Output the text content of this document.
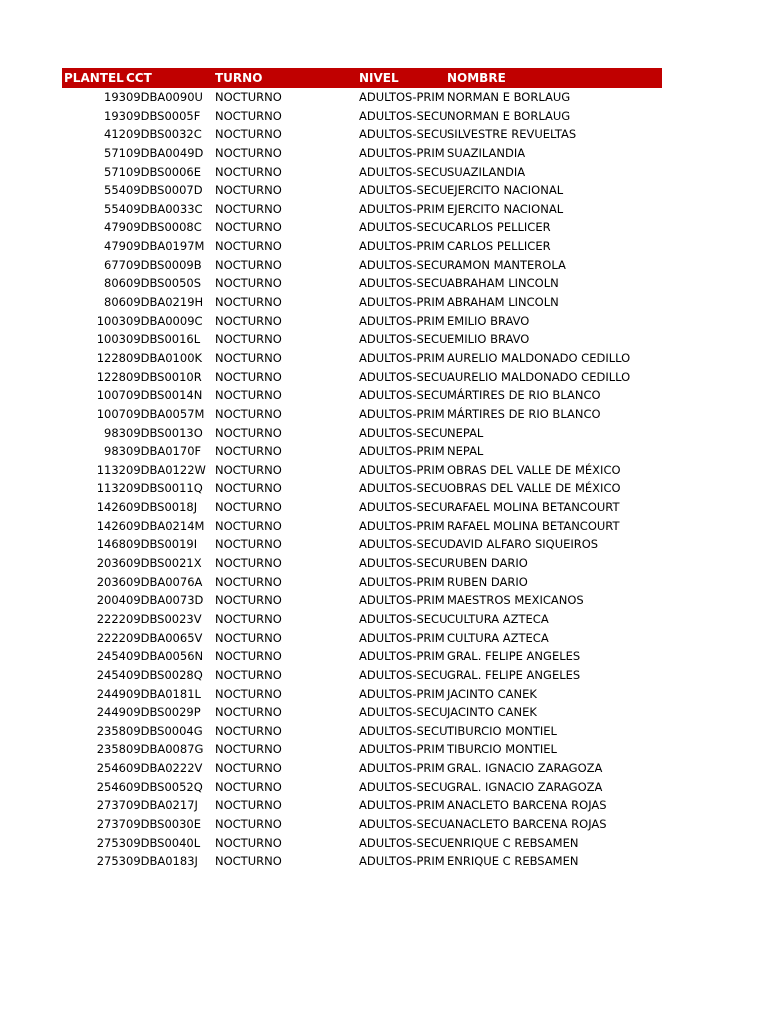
PLANTEL CCT	TURNO	NIVEL	NOMBRE
193 09DBA0090U NOCTURNO	ADULTOS-PRIM NORMAN E BORLAUG
193 09DBS0005F NOCTURNO	ADULTOS-SECU NORMAN E BORLAUG
412 09DBS0032C NOCTURNO	ADULTOS-SECU SILVESTRE REVUELTAS
571 09DBA0049D NOCTURNO	ADULTOS-PRIM SUAZILANDIA
571 09DBS0006E NOCTURNO	ADULTOS-SECU SUAZILANDIA
554 09DBS0007D NOCTURNO	ADULTOS-SECU EJERCITO NACIONAL
554 09DBA0033C NOCTURNO	ADULTOS-PRIM EJERCITO NACIONAL
479 09DBS0008C NOCTURNO	ADULTOS-SECU CARLOS PELLICER
479 09DBA0197M NOCTURNO	ADULTOS-PRIM CARLOS PELLICER
677 09DBS0009B NOCTURNO	ADULTOS-SECU RAMON MANTEROLA
806 09DBS0050S NOCTURNO	ADULTOS-SECU ABRAHAM LINCOLN
806 09DBA0219H NOCTURNO	ADULTOS-PRIM ABRAHAM LINCOLN
1003 09DBA0009C NOCTURNO	ADULTOS-PRIM EMILIO BRAVO
1003 09DBS0016L NOCTURNO	ADULTOS-SECU EMILIO BRAVO
1228 09DBA0100K NOCTURNO	ADULTOS-PRIM AURELIO MALDONADO CEDILLO
1228 09DBS0010R NOCTURNO	ADULTOS-SECU AURELIO MALDONADO CEDILLO
1007 09DBS0014N NOCTURNO	ADULTOS-SECU MÁRTIRES DE RIO BLANCO
1007 09DBA0057M NOCTURNO	ADULTOS-PRIM MÁRTIRES DE RIO BLANCO
983 09DBS0013O NOCTURNO	ADULTOS-SECU NEPAL
983 09DBA0170F NOCTURNO	ADULTOS-PRIM NEPAL
1132 09DBA0122W NOCTURNO	ADULTOS-PRIM OBRAS DEL VALLE DE MÉXICO
1132 09DBS0011Q NOCTURNO	ADULTOS-SECU OBRAS DEL VALLE DE MÉXICO
1426 09DBS0018J NOCTURNO	ADULTOS-SECU RAFAEL MOLINA BETANCOURT
1426 09DBA0214M NOCTURNO	ADULTOS-PRIM RAFAEL MOLINA BETANCOURT
1468 09DBS0019I NOCTURNO	ADULTOS-SECU DAVID ALFARO SIQUEIROS
2036 09DBS0021X NOCTURNO	ADULTOS-SECU RUBEN DARIO
2036 09DBA0076A NOCTURNO	ADULTOS-PRIM RUBEN DARIO
2004 09DBA0073D NOCTURNO	ADULTOS-PRIM MAESTROS MEXICANOS
2222 09DBS0023V NOCTURNO	ADULTOS-SECU CULTURA AZTECA
2222 09DBA0065V NOCTURNO	ADULTOS-PRIM CULTURA AZTECA
2454 09DBA0056N NOCTURNO	ADULTOS-PRIM GRAL. FELIPE ANGELES
2454 09DBS0028Q NOCTURNO	ADULTOS-SECU GRAL. FELIPE ANGELES
2449 09DBA0181L NOCTURNO	ADULTOS-PRIM JACINTO CANEK
2449 09DBS0029P NOCTURNO	ADULTOS-SECU JACINTO CANEK
2358 09DBS0004G NOCTURNO	ADULTOS-SECU TIBURCIO MONTIEL
2358 09DBA0087G NOCTURNO	ADULTOS-PRIM TIBURCIO MONTIEL
2546 09DBA0222V NOCTURNO	ADULTOS-PRIM GRAL. IGNACIO ZARAGOZA
2546 09DBS0052Q NOCTURNO	ADULTOS-SECU GRAL. IGNACIO ZARAGOZA
2737 09DBA0217J NOCTURNO	ADULTOS-PRIM ANACLETO BARCENA ROJAS
2737 09DBS0030E NOCTURNO	ADULTOS-SECU ANACLETO BARCENA ROJAS
2753 09DBS0040L NOCTURNO	ADULTOS-SECU ENRIQUE C REBSAMEN
2753 09DBA0183J NOCTURNO	ADULTOS-PRIM ENRIQUE C REBSAMEN
